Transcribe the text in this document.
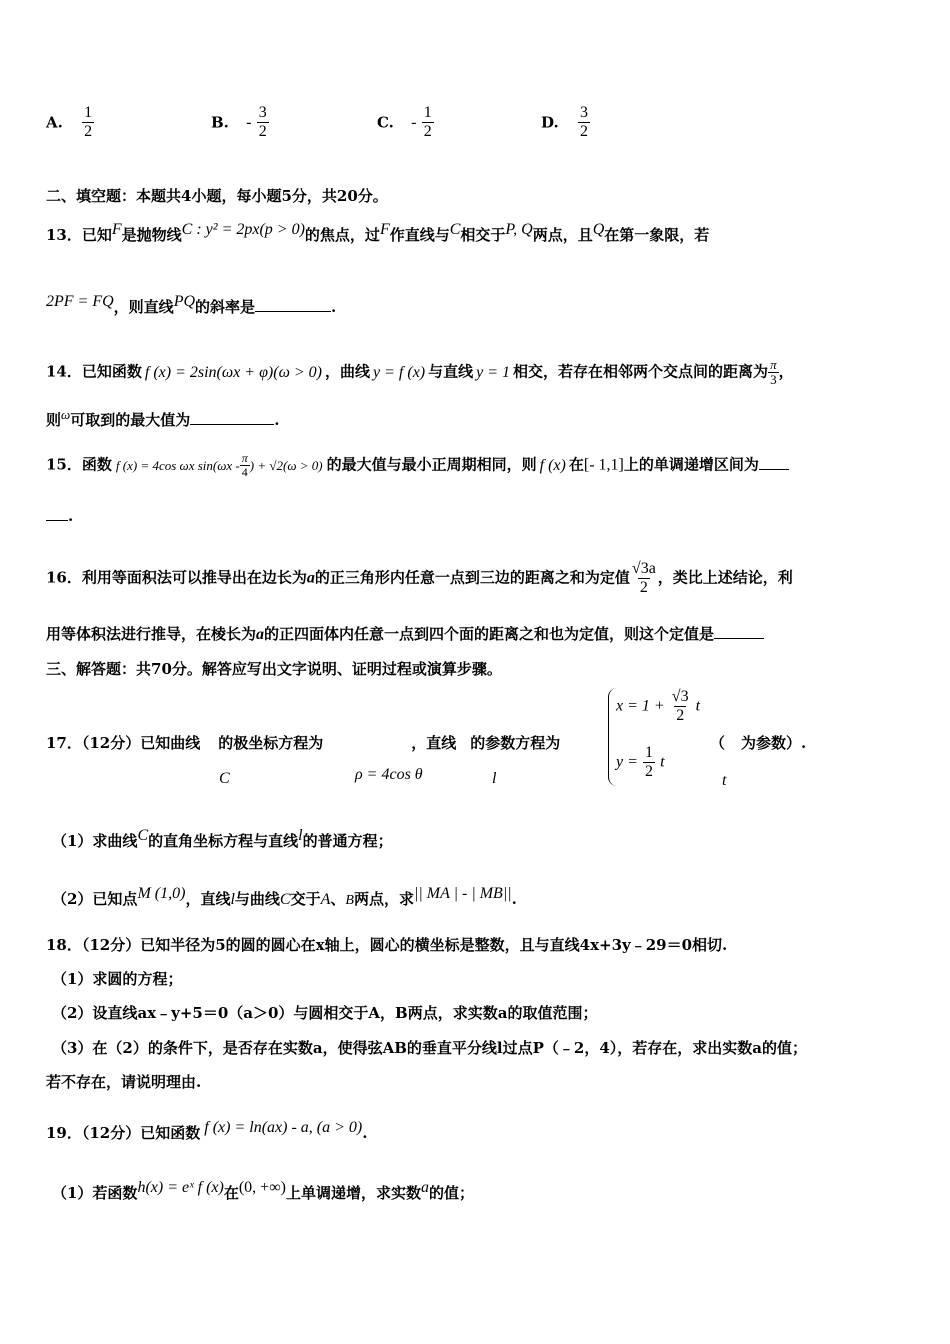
A. $\frac{1}{2}$	B. - $\frac{3}{2}$	C. - $\frac{1}{2}$	D. $\frac{3}{2}$
二、填空题：本题共4小题，每小题5分，共20分。
13．已知$^F$是抛物线$^{C : y^2 = 2px(p > 0)}$的焦点，过$^F$作直线与$^C$相交于$^{P, Q}$两点，且$^Q$在第一象限，若
$^{2PF = FQ}$，则直线$^{PQ}$的斜率是	.
14．已知函数 f (x) = 2sin(ωx + φ)(ω > 0) ，曲线 y = f (x) 与直线 y = 1 相交，若存在相邻两个交点间的距离为 $\frac{\pi}{3}$ ，
则$^\omega$可取到的最大值为	.
15．函数 f (x) = 4cos ωx $\sin(\omega x - \frac{\pi}{4}$ ) + √2(ω > 0) 的最大值与最小正周期相同，则 f (x) 在[- 1,1]上的单调递增区间为
.
16．利用等面积法可以推导出在边长为a的正三角形内任意一点到三边的距离之和为定值 $\frac{√3a}{2}$ ，类比上述结论，利
用等体积法进行推导，在棱长为a的正四面体内任意一点到四个面的距离之和也为定值，则这个定值是
三、解答题：共70分。解答应写出文字说明、证明过程或演算步骤。
17．（12分）已知曲线 的极坐标方程为	，直线 的参数方程为
C	ρ = 4cos θ	l	t
$x = 1 + \frac{√3}{2}$ t
$y = \frac{1}{2}$ t
（ 为参数）.
（1）求曲线$^C$的直角坐标方程与直线$^l$的普通方程；
（2）已知点$^{M (1,0)}$，直线l与曲线C交于A、B两点，求$^{|| MA | - | MB||}$.
18．（12分）已知半径为5的圆的圆心在x轴上，圆心的横坐标是整数，且与直线4x+3y﹣29＝0相切.
（1）求圆的方程；
（2）设直线ax﹣y+5＝0（a＞0）与圆相交于A，B两点，求实数a的取值范围；
（3）在（2）的条件下，是否存在实数a，使得弦AB的垂直平分线l过点P（﹣2，4），若存在，求出实数a的值；
若不存在，请说明理由.
19．（12分）已知函数 $^{f (x) = ln(ax) - a, (a > 0)}$.
（1）若函数$^{h(x) = eˣ f (x)}$在$^{(0, +\infty)}$上单调递增，求实数$^a$的值；
